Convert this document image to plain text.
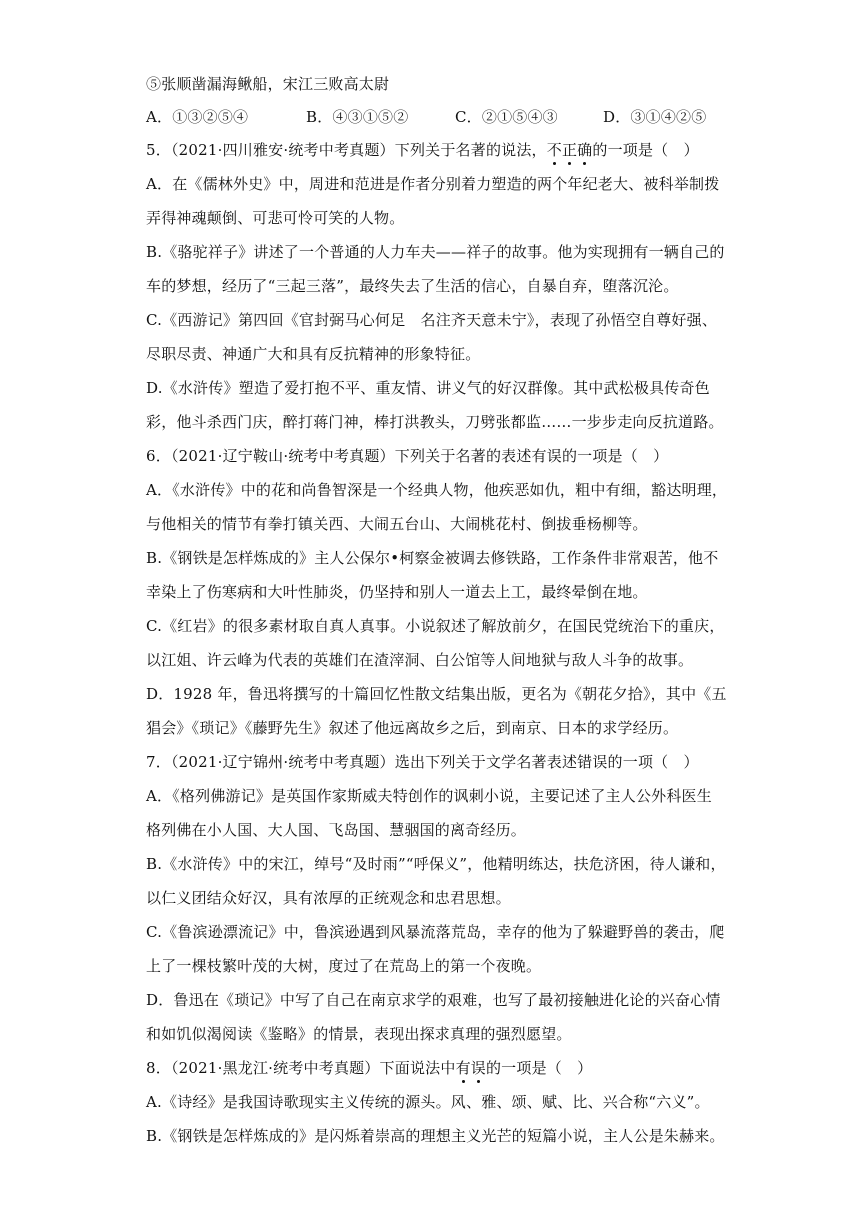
⑤张顺凿漏海鳅船，宋江三败高太尉
A．①③②⑤④	B．④③①⑤②	C．②①⑤④③	D．③①④②⑤
5．（2021·四川雅安·统考中考真题）下列关于名著的说法，不正确的一项是（　）
A．在《儒林外史》中，周进和范进是作者分别着力塑造的两个年纪老大、被科举制拨
弄得神魂颠倒、可悲可怜可笑的人物。
B.《骆驼祥子》讲述了一个普通的人力车夫——祥子的故事。他为实现拥有一辆自己的
车的梦想，经历了“三起三落”，最终失去了生活的信心，自暴自弃，堕落沉沦。
C.《西游记》第四回《官封弼马心何足　名注齐天意未宁》，表现了孙悟空自尊好强、
尽职尽责、神通广大和具有反抗精神的形象特征。
D.《水浒传》塑造了爱打抱不平、重友情、讲义气的好汉群像。其中武松极具传奇色
彩，他斗杀西门庆，醉打蒋门神，棒打洪教头，刀劈张都监……一步步走向反抗道路。
6．（2021·辽宁鞍山·统考中考真题）下列关于名著的表述有误的一项是（　）
A．《水浒传》中的花和尚鲁智深是一个经典人物，他疾恶如仇，粗中有细，豁达明理，
与他相关的情节有拳打镇关西、大闹五台山、大闹桃花村、倒拔垂杨柳等。
B.《钢铁是怎样炼成的》主人公保尔•柯察金被调去修铁路，工作条件非常艰苦，他不
幸染上了伤寒病和大叶性肺炎，仍坚持和别人一道去上工，最终晕倒在地。
C.《红岩》的很多素材取自真人真事。小说叙述了解放前夕，在国民党统治下的重庆，
以江姐、许云峰为代表的英雄们在渣滓洞、白公馆等人间地狱与敌人斗争的故事。
D．1928 年，鲁迅将撰写的十篇回忆性散文结集出版，更名为《朝花夕拾》，其中《五
猖会》《琐记》《藤野先生》叙述了他远离故乡之后，到南京、日本的求学经历。
7．（2021·辽宁锦州·统考中考真题）选出下列关于文学名著表述错误的一项（　）
A．《格列佛游记》是英国作家斯威夫特创作的讽刺小说，主要记述了主人公外科医生
格列佛在小人国、大人国、飞岛国、慧骃国的离奇经历。
B.《水浒传》中的宋江，绰号“及时雨”“呼保义”，他精明练达，扶危济困，待人谦和，
以仁义团结众好汉，具有浓厚的正统观念和忠君思想。
C.《鲁滨逊漂流记》中，鲁滨逊遇到风暴流落荒岛，幸存的他为了躲避野兽的袭击，爬
上了一棵枝繁叶茂的大树，度过了在荒岛上的第一个夜晚。
D．鲁迅在《琐记》中写了自己在南京求学的艰难，也写了最初接触进化论的兴奋心情
和如饥似渴阅读《鉴略》的情景，表现出探求真理的强烈愿望。
8．（2021·黑龙江·统考中考真题）下面说法中有误的一项是（　）
A.《诗经》是我国诗歌现实主义传统的源头。风、雅、颂、赋、比、兴合称“六义”。
B.《钢铁是怎样炼成的》是闪烁着崇高的理想主义光芒的短篇小说，主人公是朱赫来。
